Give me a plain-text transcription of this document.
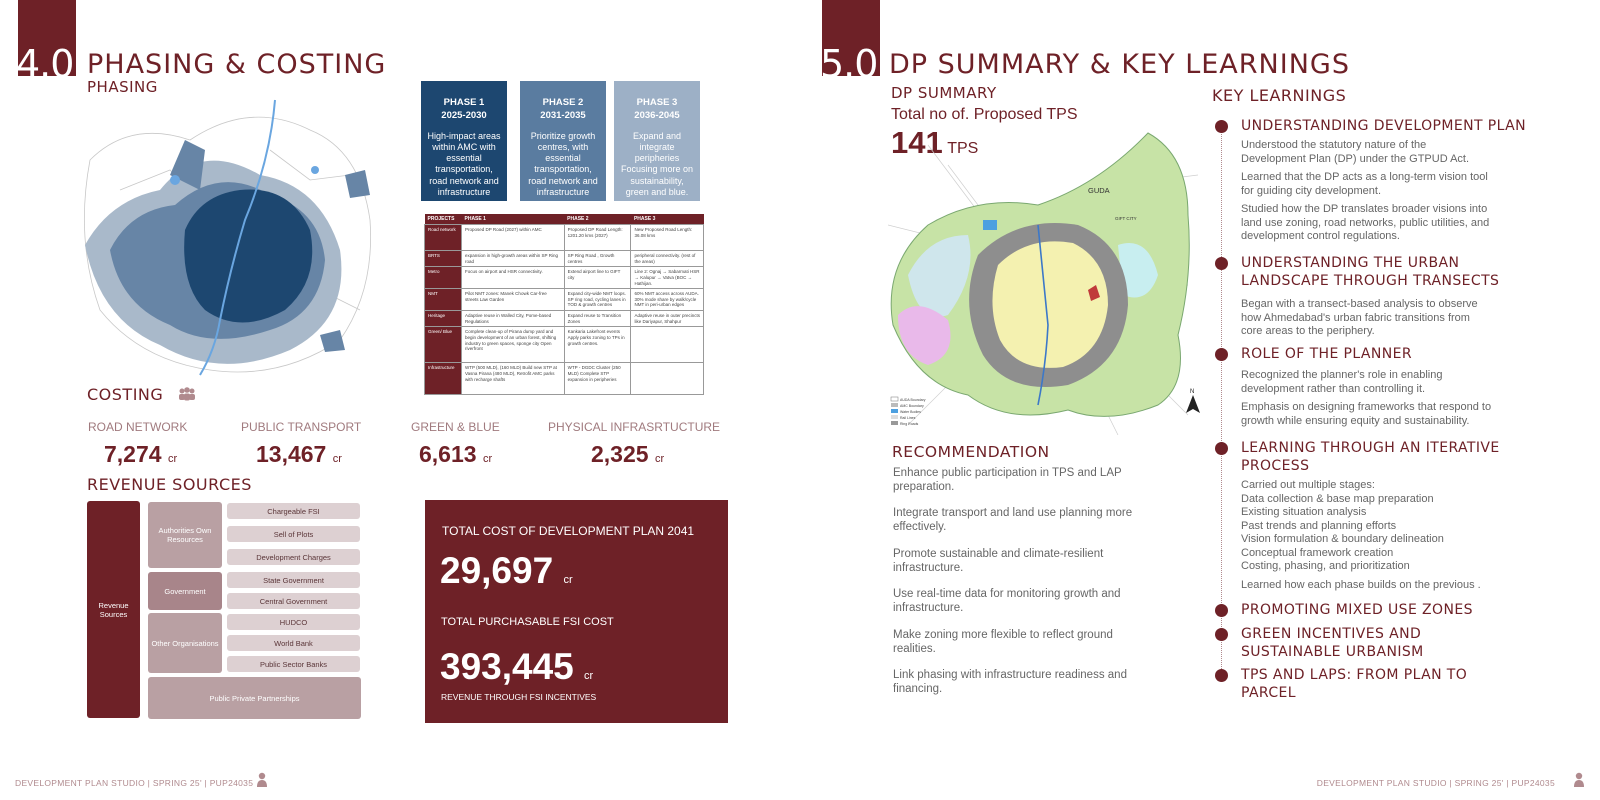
4.0 PHASING & COSTING
PHASING
PHASE 1
2025-2030
High-impact areas within AMC with essential transportation, road network and infrastructure
PHASE 2
2031-2035
Prioritize growth centres, with essential transportation, road network and infrastructure
PHASE 3
2036-2045
Expand and integrate peripheries Focusing more on sustainability, green and blue.
PROJECTS	PHASE 1	PHASE 2	PHASE 3
Road network	Proposed DP Road (2027) within AMC	Proposed DP Road Length: 1201.20 kms (2027)	New Proposed Road Length: 36.08 kms
BRTS	expansion in high-growth areas within SP Ring road	SP Ring Road , Growth centres	peripheral connectivity. (rest of the areas)
Metro	Focus on airport and HSR connectivity.	Extend airport line to GIFT city	Line 2: Ognaj → Sabarmati HSR → Kalupur → Vatva (BOC → Hathijan.
NMT	Pilot NMT zones: Manek Chowk Car-free streets Law Garden	Expand city-wide NMT loops. SP ring road, cycling lanes in TOD & growth centres	60% NMT access across AUDA. 30% mode share by walk/cycle NMT in peri-urban edges
Heritage	Adaptive reuse in Walled City, Pome-based Regulations	Expand reuse to Transition Zones	Adaptive reuse in outer precincts like Dariyapur, Shahpur
Green/ Blue	Complete clean-up of Pirana dump yard and begin development of an urban forest, shifting industry to green spaces, sponge city Open riverfront	Kankaria Lakefront events Apply parks zoning to TPs in growth centres.	
Infrastructure	WTP (500 MLD), (160 MLD) Build new STP at Vasna Pirana (480 MLD), Retrofit AMC parks with recharge shafts	WTP - DGDC Cluster (250 MLD) Complete STP expansion in peripheries	
COSTING
ROAD NETWORK	PUBLIC TRANSPORT	GREEN & BLUE	PHYSICAL INFRASRTUCTURE
7,274 cr	13,467 cr	6,613 cr	2,325 cr
REVENUE SOURCES
Revenue Sources
Authorities Own Resources
Government
Other Organisations
Chargeable FSI
Sell of Plots
Development Charges
State Government
Central Government
HUDCO
World Bank
Public Sector Banks
Public Private Partnerships
TOTAL COST OF DEVELOPMENT PLAN 2041
29,697 cr
TOTAL PURCHASABLE FSI COST
393,445 cr
REVENUE THROUGH FSI INCENTIVES
DEVELOPMENT PLAN STUDIO | SPRING 25' | PUP24035
5.0 DP SUMMARY & KEY LEARNINGS
DP SUMMARY
Total no of. Proposed TPS
141 TPS
GUDA
GIFT CITY
AUDA Boundary
AMC Boundary
Water Bodies
Rail Lines
Ring Roads
N
RECOMMENDATION
Enhance public participation in TPS and LAP
preparation.
Integrate transport and land use planning more
effectively.
Promote sustainable and climate-resilient
infrastructure.
Use real-time data for monitoring growth and
infrastructure.
Make zoning more flexible to reflect ground
realities.
Link phasing with infrastructure readiness and
financing.
KEY LEARNINGS
UNDERSTANDING DEVELOPMENT PLAN
Understood the statutory nature of the
Development Plan (DP) under the GTPUD Act.

Learned that the DP acts as a long-term vision tool
for guiding city development.

Studied how the DP translates broader visions into
land use zoning, road networks, public utilities, and
development control regulations.
UNDERSTANDING THE URBAN
LANDSCAPE THROUGH TRANSECTS
Began with a transect-based analysis to observe
how Ahmedabad's urban fabric transitions from
core areas to the periphery.
ROLE OF THE PLANNER
Recognized the planner's role in enabling
development rather than controlling it.

Emphasis on designing frameworks that respond to
growth while ensuring equity and sustainability.
LEARNING THROUGH AN ITERATIVE
PROCESS
Carried out multiple stages:
Data collection & base map preparation
Existing situation analysis
Past trends and planning efforts
Vision formulation & boundary delineation
Conceptual framework creation
Costing, phasing, and prioritization

Learned how each phase builds on the previous .
PROMOTING MIXED USE ZONES
GREEN INCENTIVES AND
SUSTAINABLE URBANISM
TPS AND LAPS: FROM PLAN TO
PARCEL
DEVELOPMENT PLAN STUDIO | SPRING 25' | PUP24035
